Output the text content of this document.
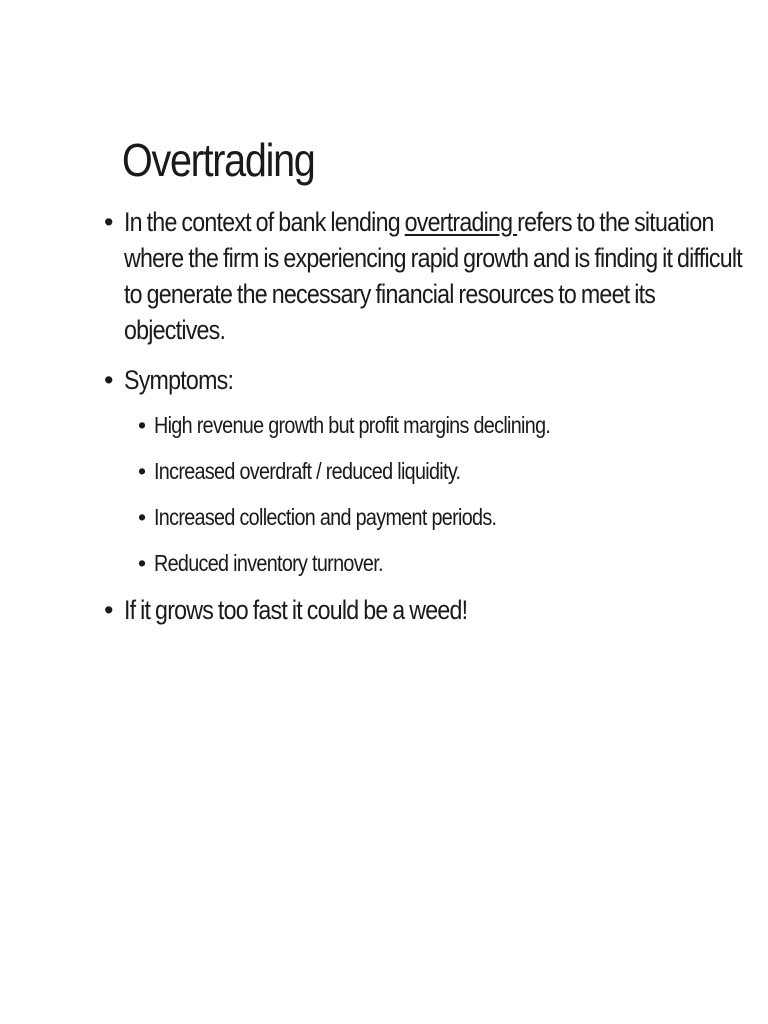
Overtrading
• In the context of bank lending overtrading refers to the situation where the firm is experiencing rapid growth and is finding it difficult to generate the necessary financial resources to meet its objectives.
• Symptoms:
• High revenue growth but profit margins declining.
• Increased overdraft / reduced liquidity.
• Increased collection and payment periods.
• Reduced inventory turnover.
• If it grows too fast it could be a weed!
